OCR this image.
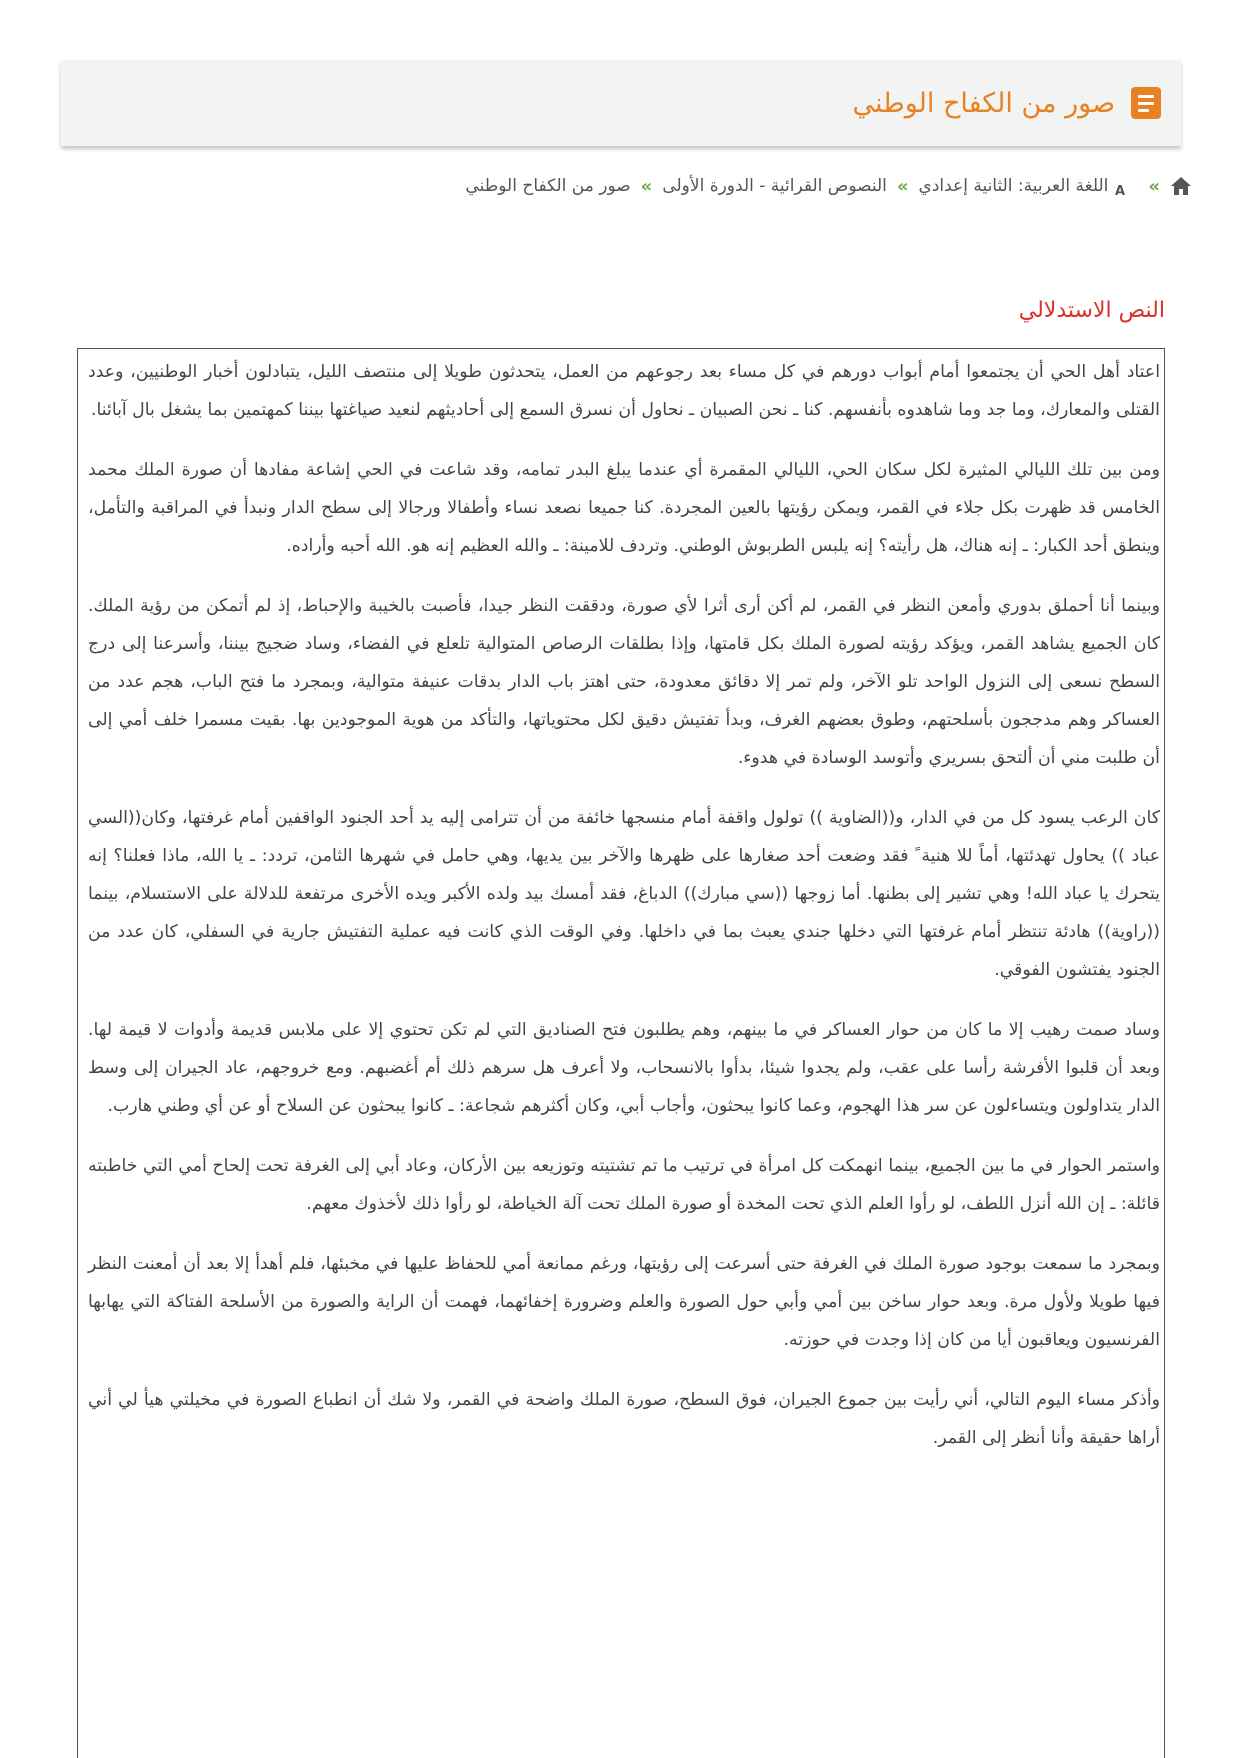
صور من الكفاح الوطني
»
A
اللغة العربية: الثانية إعدادي
»
النصوص القرائية - الدورة الأولى
»
صور من الكفاح الوطني
النص الاستدلالي

اعتاد أهل الحي أن يجتمعوا أمام أبواب دورهم في كل مساء بعد رجوعهم من العمل، يتحدثون طويلا إلى منتصف الليل، يتبادلون أخبار الوطنيين، وعدد القتلى والمعارك، وما جد وما شاهدوه بأنفسهم. كنا ـ نحن الصبيان ـ نحاول أن نسرق السمع إلى أحاديثهم لنعيد صياغتها بيننا كمهتمين بما يشغل بال آبائنا.

ومن بين تلك الليالي المثيرة لكل سكان الحي، الليالي المقمرة أي عندما يبلغ البدر تمامه، وقد شاعت في الحي إشاعة مفادها أن صورة الملك محمد الخامس قد ظهرت بكل جلاء في القمر، ويمكن رؤيتها بالعين المجردة. كنا جميعا نصعد نساء وأطفالا ورجالا إلى سطح الدار ونبدأ في المراقبة والتأمل، وينطق أحد الكبار: ـ إنه هناك، هل رأيته؟ إنه يلبس الطربوش الوطني. وتردف للامينة: ـ والله العظيم إنه هو. الله أحبه وأراده.

وبينما أنا أحملق بدوري وأمعن النظر في القمر، لم أكن أرى أثرا لأي صورة، ودققت النظر جيدا، فأصبت بالخيبة والإحباط، إذ لم أتمكن من رؤية الملك. كان الجميع يشاهد القمر، ويؤكد رؤيته لصورة الملك بكل قامتها، وإذا بطلقات الرصاص المتوالية تلعلع في الفضاء، وساد ضجيج بيننا، وأسرعنا إلى درج السطح نسعى إلى النزول الواحد تلو الآخر، ولم تمر إلا دقائق معدودة، حتى اهتز باب الدار بدقات عنيفة متوالية، وبمجرد ما فتح الباب، هجم عدد من العساكر وهم مدججون بأسلحتهم، وطوق بعضهم الغرف، وبدأ تفتيش دقيق لكل محتوياتها، والتأكد من هوية الموجودين بها. بقيت مسمرا خلف أمي إلى أن طلبت مني أن ألتحق بسريري وأتوسد الوسادة في هدوء.

كان الرعب يسود كل من في الدار، و((الضاوية )) تولول واقفة أمام منسجها خائفة من أن تترامى إليه يد أحد الجنود الواقفين أمام غرفتها، وكان((السي عباد )) يحاول تهدئتها، أماً للا هنية ً فقد وضعت أحد صغارها على ظهرها والآخر بين يديها، وهي حامل في شهرها الثامن، تردد: ـ يا الله، ماذا فعلنا؟ إنه يتحرك يا عباد الله! وهي تشير إلى بطنها. أما زوجها ((سي مبارك)) الدباغ، فقد أمسك بيد ولده الأكبر ويده الأخرى مرتفعة للدلالة على الاستسلام، بينما ((راوية)) هادئة تنتظر أمام غرفتها التي دخلها جندي يعبث بما في داخلها. وفي الوقت الذي كانت فيه عملية التفتيش جارية في السفلي، كان عدد من الجنود يفتشون الفوقي.

وساد صمت رهيب إلا ما كان من حوار العساكر في ما بينهم، وهم يطلبون فتح الصناديق التي لم تكن تحتوي إلا على ملابس قديمة وأدوات لا قيمة لها. وبعد أن قلبوا الأفرشة رأسا على عقب، ولم يجدوا شيئا، بدأوا بالانسحاب، ولا أعرف هل سرهم ذلك أم أغضبهم. ومع خروجهم، عاد الجيران إلى وسط الدار يتداولون ويتساءلون عن سر هذا الهجوم، وعما كانوا يبحثون، وأجاب أبي، وكان أكثرهم شجاعة: ـ كانوا يبحثون عن السلاح أو عن أي وطني هارب.

واستمر الحوار في ما بين الجميع، بينما انهمكت كل امرأة في ترتيب ما تم تشتيته وتوزيعه بين الأركان، وعاد أبي إلى الغرفة تحت إلحاح أمي التي خاطبته قائلة: ـ إن الله أنزل اللطف، لو رأوا العلم الذي تحت المخدة أو صورة الملك تحت آلة الخياطة، لو رأوا ذلك لأخذوك معهم.

وبمجرد ما سمعت بوجود صورة الملك في الغرفة حتى أسرعت إلى رؤيتها، ورغم ممانعة أمي للحفاظ عليها في مخبئها، فلم أهدأ إلا بعد أن أمعنت النظر فيها طويلا ولأول مرة. وبعد حوار ساخن بين أمي وأبي حول الصورة والعلم وضرورة إخفائهما، فهمت أن الراية والصورة من الأسلحة الفتاكة التي يهابها الفرنسيون ويعاقبون أيا من كان إذا وجدت في حوزته.

وأذكر مساء اليوم التالي، أني رأيت بين جموع الجيران، فوق السطح، صورة الملك واضحة في القمر، ولا شك أن انطباع الصورة في مخيلتي هيأ لي أني أراها حقيقة وأنا أنظر إلى القمر.
